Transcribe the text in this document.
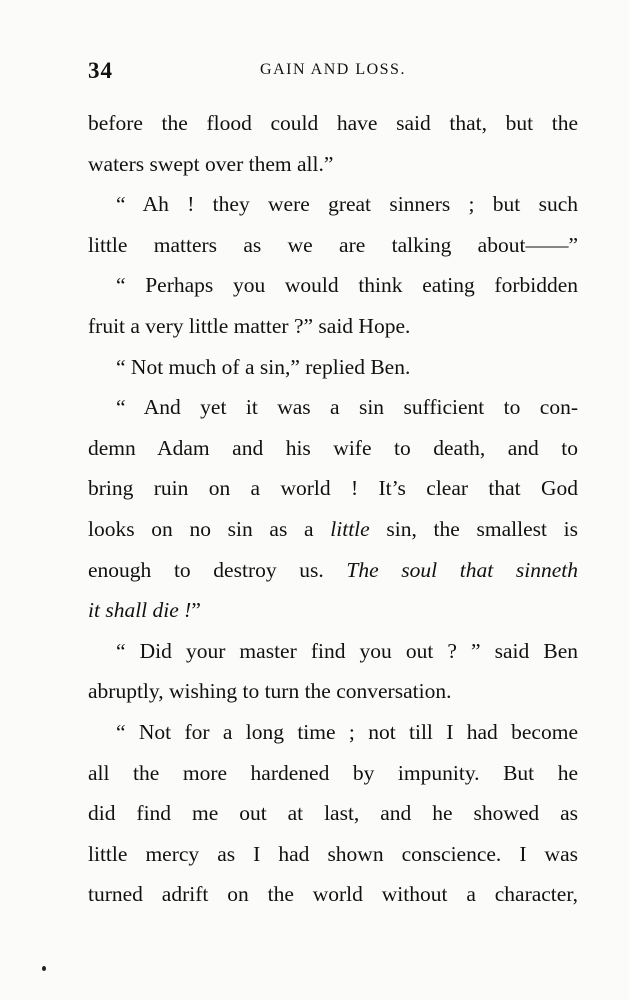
34	GAIN AND LOSS.
before the flood could have said that, but the
waters swept over them all.”
“ Ah ! they were great sinners ; but such
little matters as we are talking about——”
“ Perhaps you would think eating forbidden
fruit a very little matter ?” said Hope.
“ Not much of a sin,” replied Ben.
“ And yet it was a sin sufficient to con-
demn Adam and his wife to death, and to
bring ruin on a world ! It’s clear that God
looks on no sin as a little sin, the smallest is
enough to destroy us. The soul that sinneth
it shall die !”
“ Did your master find you out ? ” said Ben
abruptly, wishing to turn the conversation.
“ Not for a long time ; not till I had become
all the more hardened by impunity. But he
did find me out at last, and he showed as
little mercy as I had shown conscience. I was
turned adrift on the world without a character,
